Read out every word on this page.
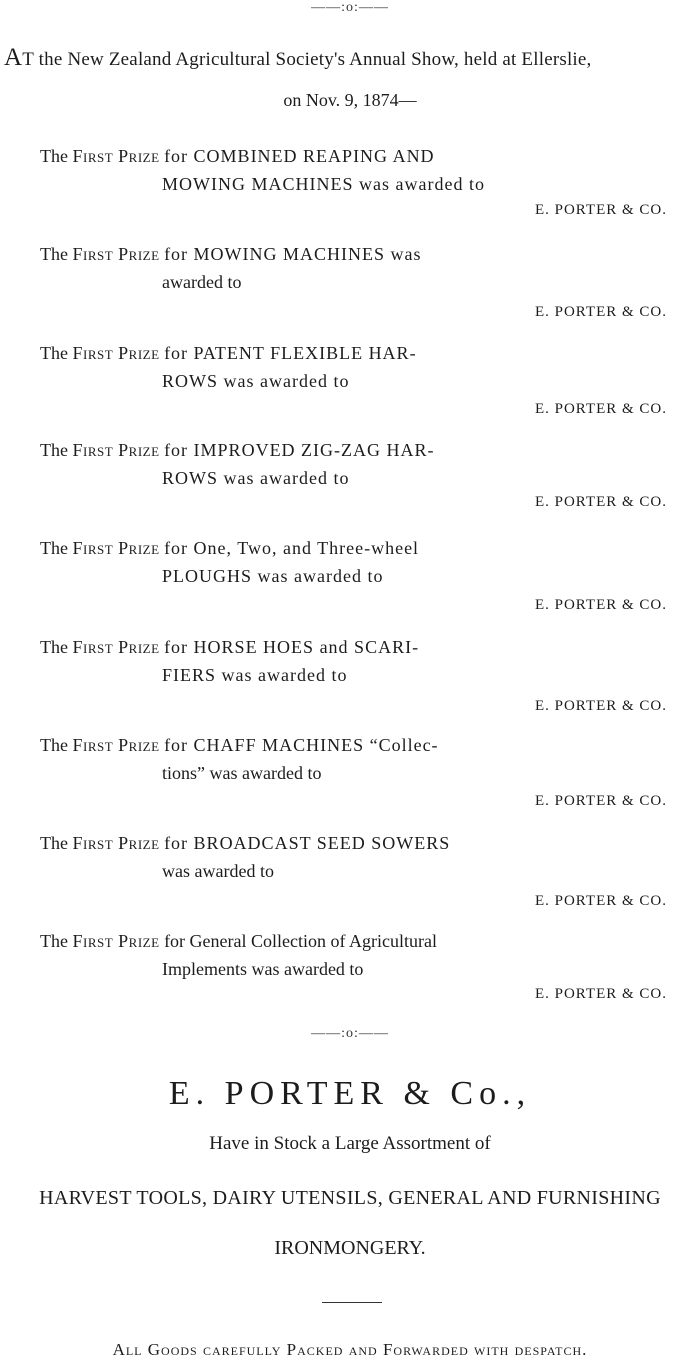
——:o:——
AT the New Zealand Agricultural Society's Annual Show, held at Ellerslie,
on Nov. 9, 1874—
The First Prize for COMBINED REAPING AND
MOWING MACHINES was awarded to
E. PORTER & CO.
The First Prize for MOWING MACHINES was
awarded to
E. PORTER & CO.
The First Prize for PATENT FLEXIBLE HAR-
ROWS was awarded to
E. PORTER & CO.
The First Prize for IMPROVED ZIG-ZAG HAR-
ROWS was awarded to
E. PORTER & CO.
The First Prize for One, Two, and Three-wheel
PLOUGHS was awarded to
E. PORTER & CO.
The First Prize for HORSE HOES and SCARI-
FIERS was awarded to
E. PORTER & CO.
The First Prize for CHAFF MACHINES “Collec-
tions” was awarded to
E. PORTER & CO.
The First Prize for BROADCAST SEED SOWERS
was awarded to
E. PORTER & CO.
The First Prize for General Collection of Agricultural
Implements was awarded to
E. PORTER & CO.
——:o:——
E. PORTER & Co.,
Have in Stock a Large Assortment of
HARVEST TOOLS, DAIRY UTENSILS, GENERAL AND FURNISHING
IRONMONGERY.
All Goods carefully Packed and Forwarded with despatch.
